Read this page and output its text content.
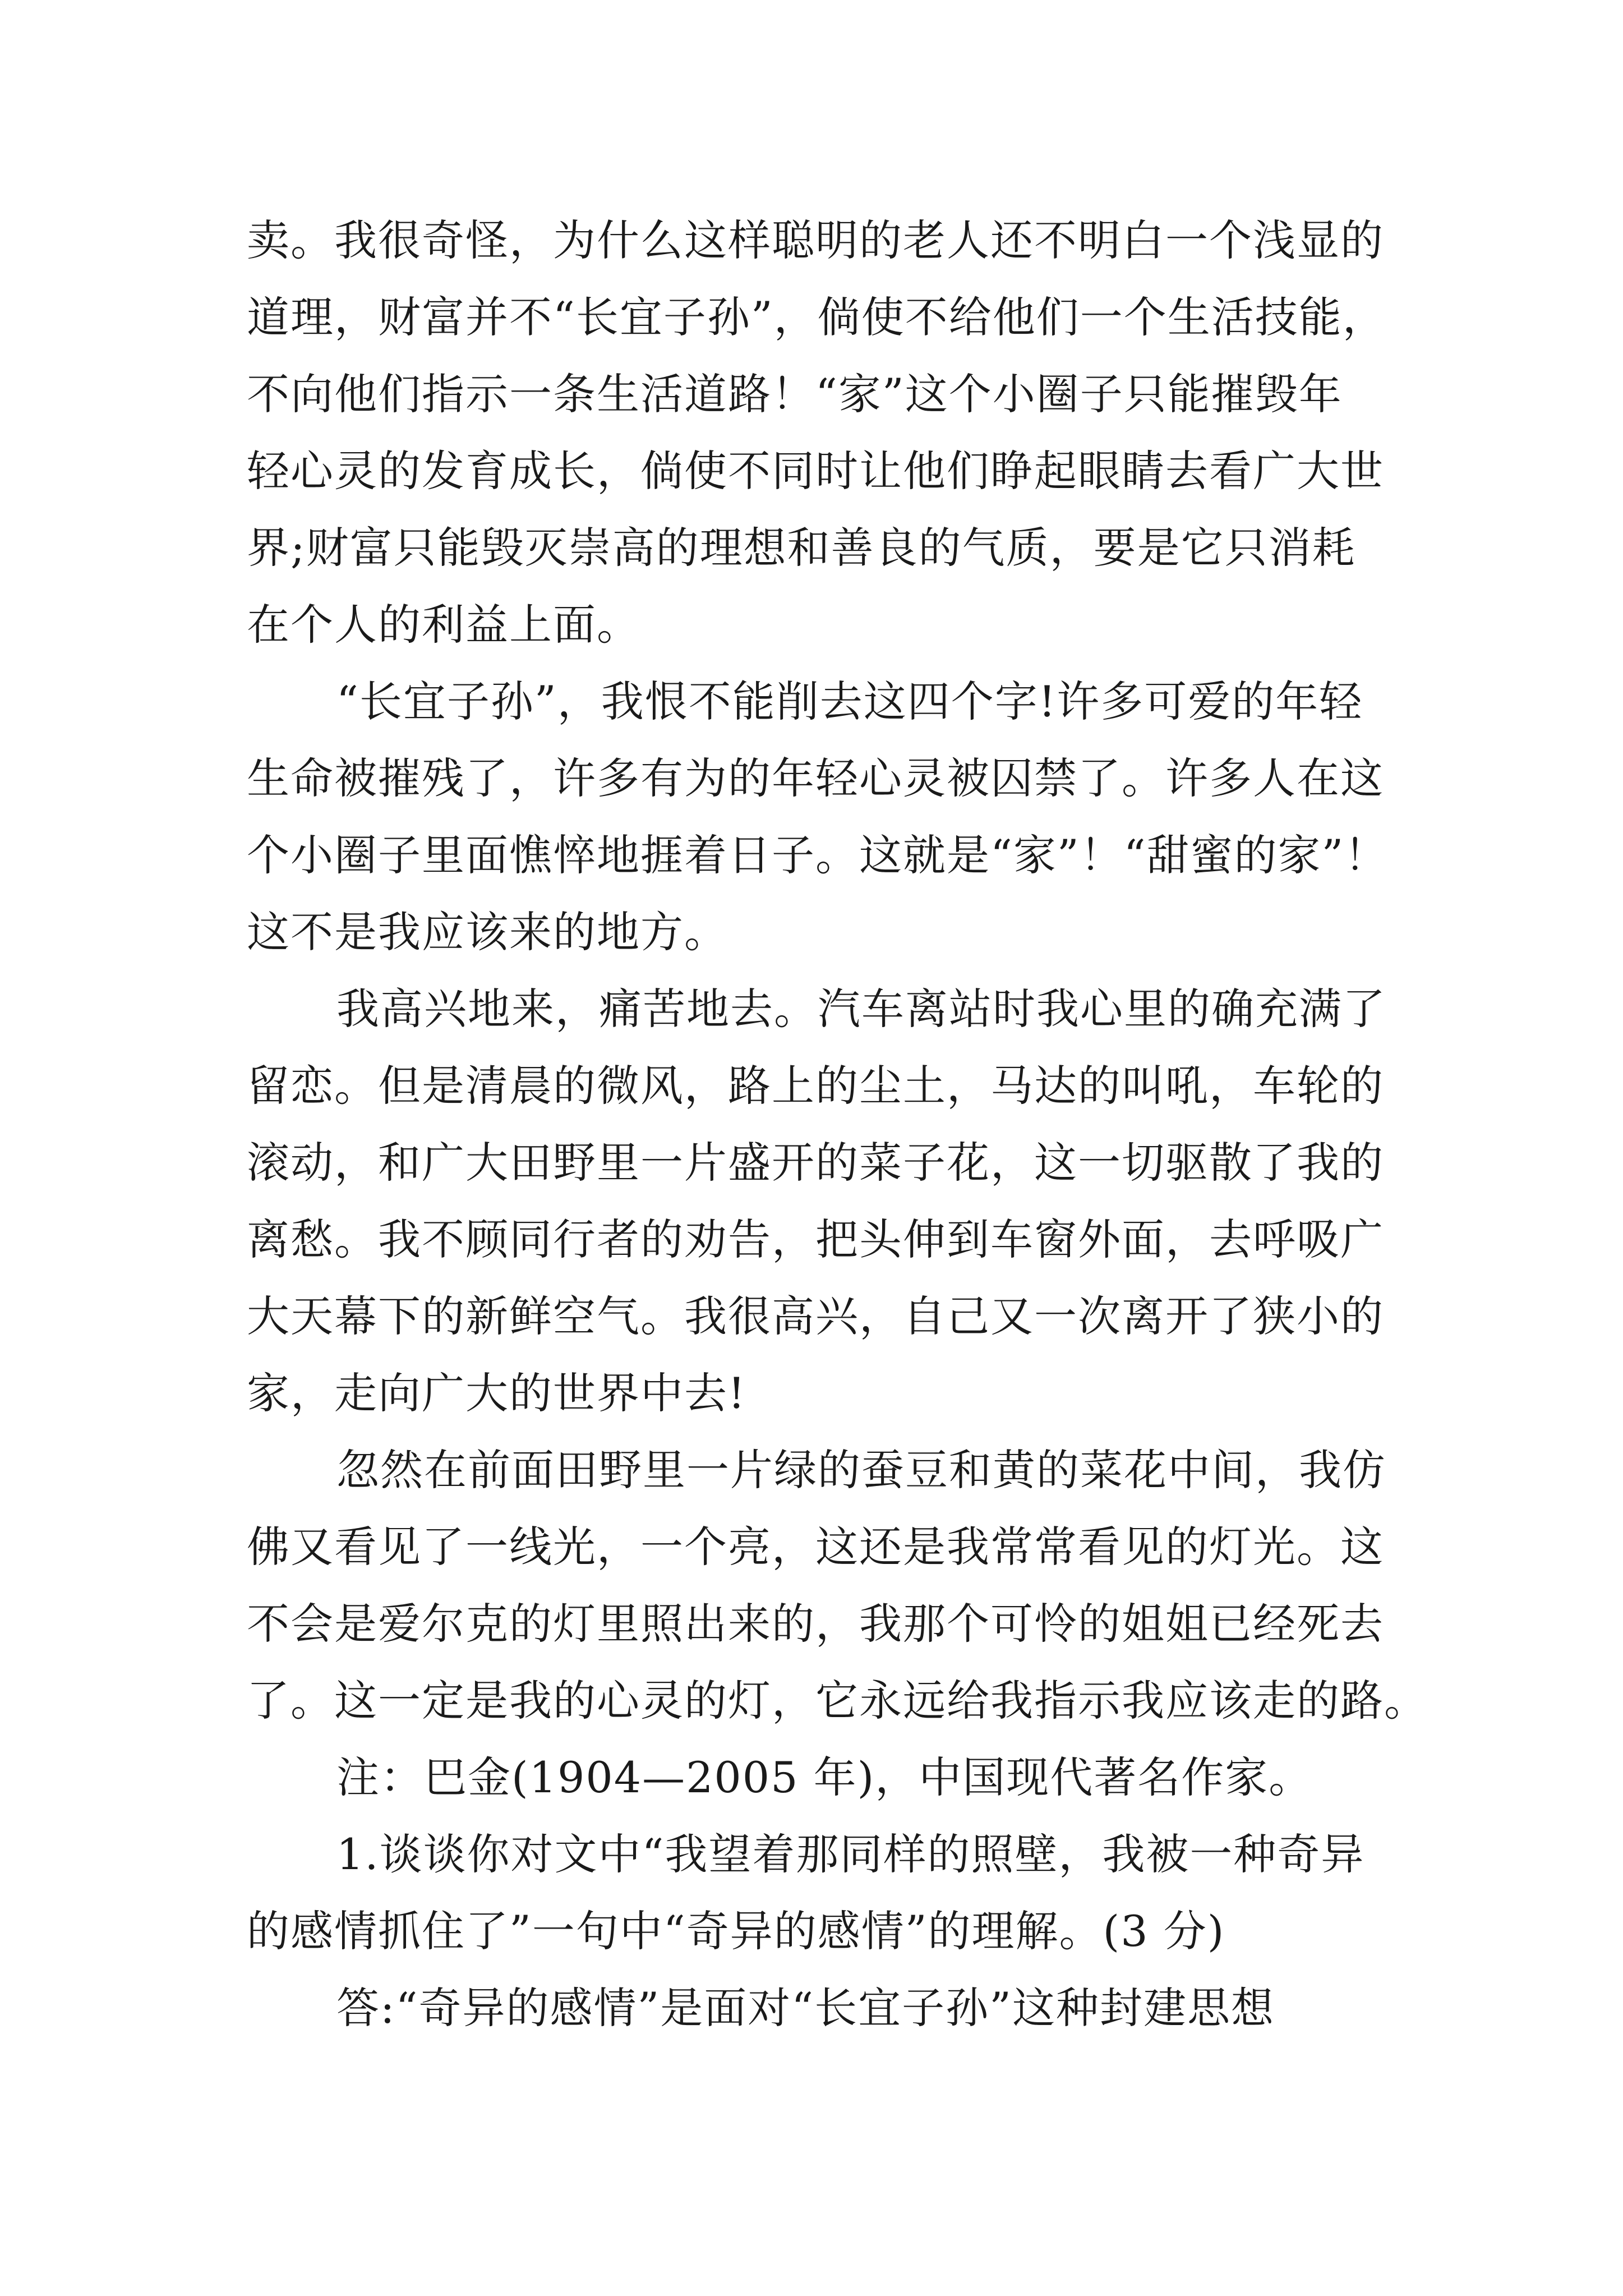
卖。我很奇怪，为什么这样聪明的老人还不明白一个浅显的
道理，财富并不“长宜子孙”，倘使不给他们一个生活技能，
不向他们指示一条生活道路！“家”这个小圈子只能摧毁年
轻心灵的发育成长，倘使不同时让他们睁起眼睛去看广大世
界;财富只能毁灭崇高的理想和善良的气质，要是它只消耗
在个人的利益上面。
“长宜子孙”，我恨不能削去这四个字!许多可爱的年轻
生命被摧残了，许多有为的年轻心灵被囚禁了。许多人在这
个小圈子里面憔悴地捱着日子。这就是“家”！“甜蜜的家”！
这不是我应该来的地方。
我高兴地来，痛苦地去。汽车离站时我心里的确充满了
留恋。但是清晨的微风，路上的尘土，马达的叫吼，车轮的
滚动，和广大田野里一片盛开的菜子花，这一切驱散了我的
离愁。我不顾同行者的劝告，把头伸到车窗外面，去呼吸广
大天幕下的新鲜空气。我很高兴，自己又一次离开了狭小的
家，走向广大的世界中去!
忽然在前面田野里一片绿的蚕豆和黄的菜花中间，我仿
佛又看见了一线光，一个亮，这还是我常常看见的灯光。这
不会是爱尔克的灯里照出来的，我那个可怜的姐姐已经死去
了。这一定是我的心灵的灯，它永远给我指示我应该走的路。
注：巴金(1904—2005 年)，中国现代著名作家。
1.谈谈你对文中“我望着那同样的照壁，我被一种奇异
的感情抓住了”一句中“奇异的感情”的理解。(3 分)
答:“奇异的感情”是面对“长宜子孙”这种封建思想
